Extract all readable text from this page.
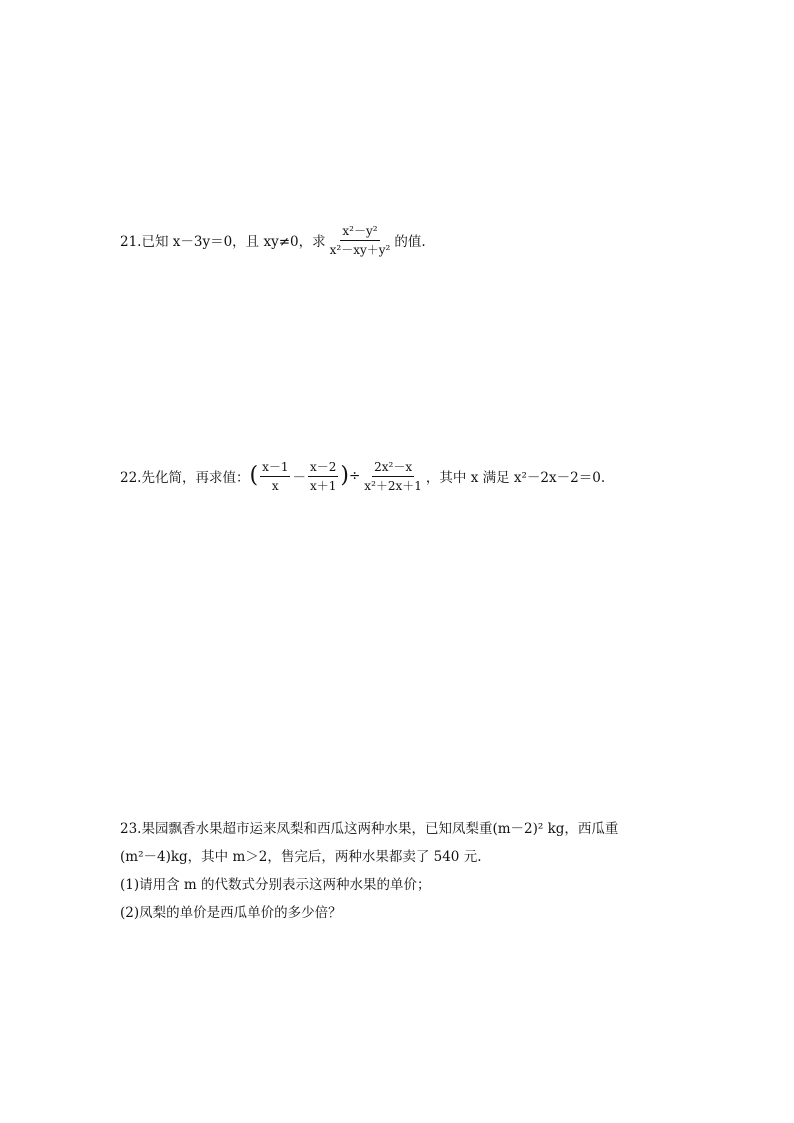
21.已知 x－3y＝0，且 xy≠0，求 $\frac{\text{x²－y²}}{\text{x²－xy＋y²}}$ 的值.
22.先化简，再求值： ( $\frac{x-1}{x} - \frac{x-2}{x+1}$ ) ÷ $\frac{\text{2x²－x}}{\text{x²＋2x＋1}}$ ，其中 x 满足 x²－2x－2＝0.
23.果园飘香水果超市运来凤梨和西瓜这两种水果，已知凤梨重(m－2)² kg，西瓜重
(m²－4)kg，其中 m＞2，售完后，两种水果都卖了 540 元.
(1)请用含 m 的代数式分别表示这两种水果的单价；
(2)凤梨的单价是西瓜单价的多少倍？
